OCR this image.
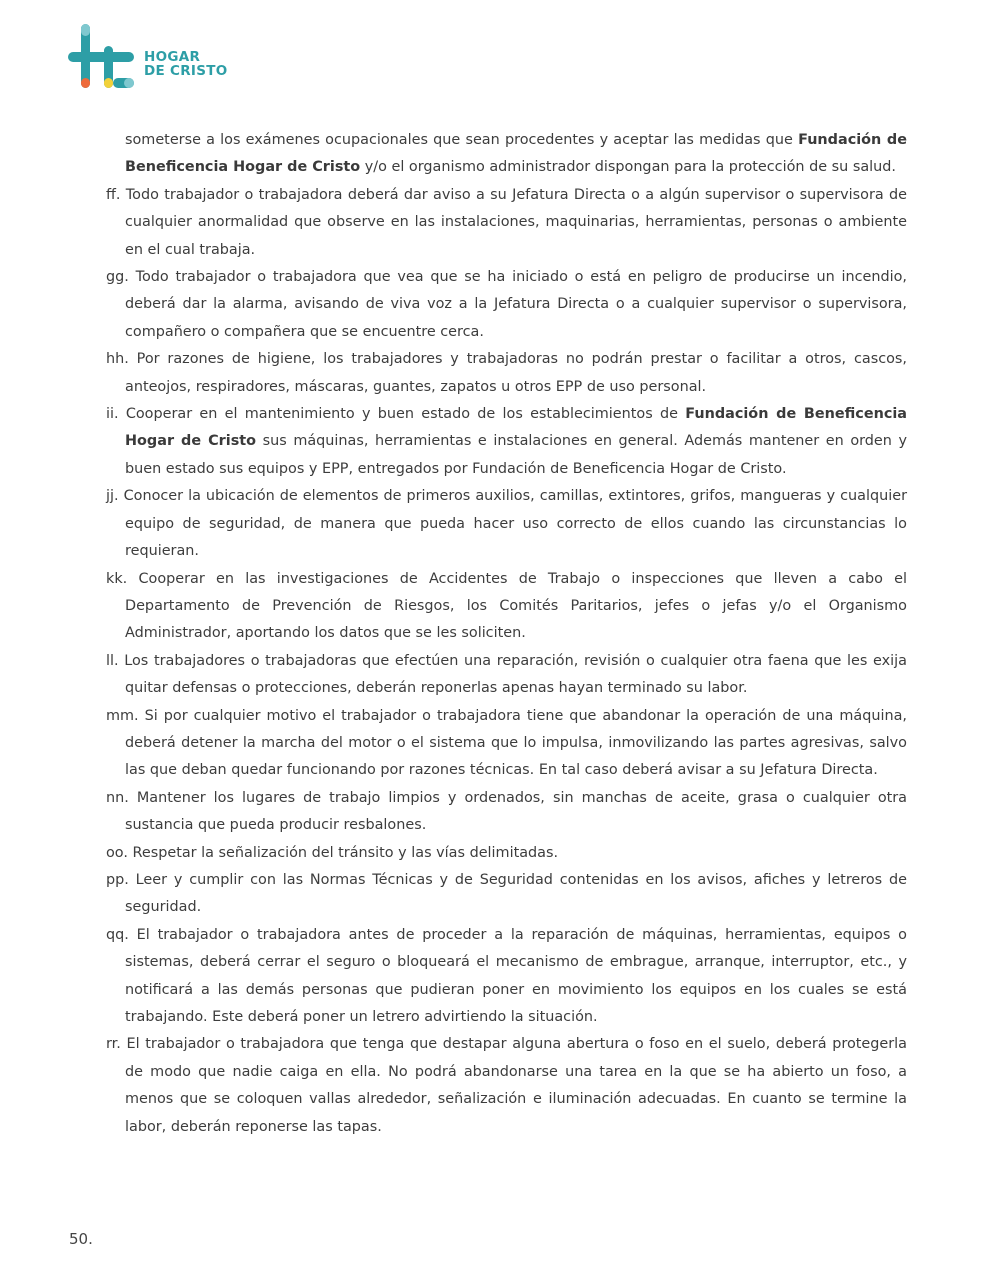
HOGAR
DE CRISTO

someterse a los exámenes ocupacionales que sean procedentes y aceptar las medidas que Fundación de Beneficencia Hogar de Cristo y/o el organismo administrador dispongan para la protección de su salud.

ff. Todo trabajador o trabajadora deberá dar aviso a su Jefatura Directa o a algún supervisor o supervisora de cualquier anormalidad que observe en las instalaciones, maquinarias, herramientas, personas o ambiente en el cual trabaja.

gg. Todo trabajador o trabajadora que vea que se ha iniciado o está en peligro de producirse un incendio, deberá dar la alarma, avisando de viva voz a la Jefatura Directa o a cualquier supervisor o supervisora, compañero o compañera que se encuentre cerca.

hh. Por razones de higiene, los trabajadores y trabajadoras no podrán prestar o facilitar a otros, cascos, anteojos, respiradores, máscaras, guantes, zapatos u otros EPP de uso personal.

ii. Cooperar en el mantenimiento y buen estado de los establecimientos de Fundación de Beneficencia Hogar de Cristo sus máquinas, herramientas e instalaciones en general. Además mantener en orden y buen estado sus equipos y EPP, entregados por Fundación de Beneficencia Hogar de Cristo.

jj. Conocer la ubicación de elementos de primeros auxilios, camillas, extintores, grifos, mangueras y cualquier equipo de seguridad, de manera que pueda hacer uso correcto de ellos cuando las circunstancias lo requieran.

kk. Cooperar en las investigaciones de Accidentes de Trabajo o inspecciones que lleven a cabo el Departamento de Prevención de Riesgos, los Comités Paritarios, jefes o jefas y/o el Organismo Administrador, aportando los datos que se les soliciten.

ll. Los trabajadores o trabajadoras que efectúen una reparación, revisión o cualquier otra faena que les exija quitar defensas o protecciones, deberán reponerlas apenas hayan terminado su labor.

mm. Si por cualquier motivo el trabajador o trabajadora tiene que abandonar la operación de una máquina, deberá detener la marcha del motor o el sistema que lo impulsa, inmovilizando las partes agresivas, salvo las que deban quedar funcionando por razones técnicas. En tal caso deberá avisar a su Jefatura Directa.

nn. Mantener los lugares de trabajo limpios y ordenados, sin manchas de aceite, grasa o cualquier otra sustancia que pueda producir resbalones.

oo. Respetar la señalización del tránsito y las vías delimitadas.

pp. Leer y cumplir con las Normas Técnicas y de Seguridad contenidas en los avisos, afiches y letreros de seguridad.

qq. El trabajador o trabajadora antes de proceder a la reparación de máquinas, herramientas, equipos o sistemas, deberá cerrar el seguro o bloqueará el mecanismo de embrague, arranque, interruptor, etc., y notificará a las demás personas que pudieran poner en movimiento los equipos en los cuales se está trabajando. Este deberá poner un letrero advirtiendo la situación.

rr. El trabajador o trabajadora que tenga que destapar alguna abertura o foso en el suelo, deberá protegerla de modo que nadie caiga en ella. No podrá abandonarse una tarea en la que se ha abierto un foso, a menos que se coloquen vallas alrededor, señalización e iluminación adecuadas. En cuanto se termine la labor, deberán reponerse las tapas.

50.
